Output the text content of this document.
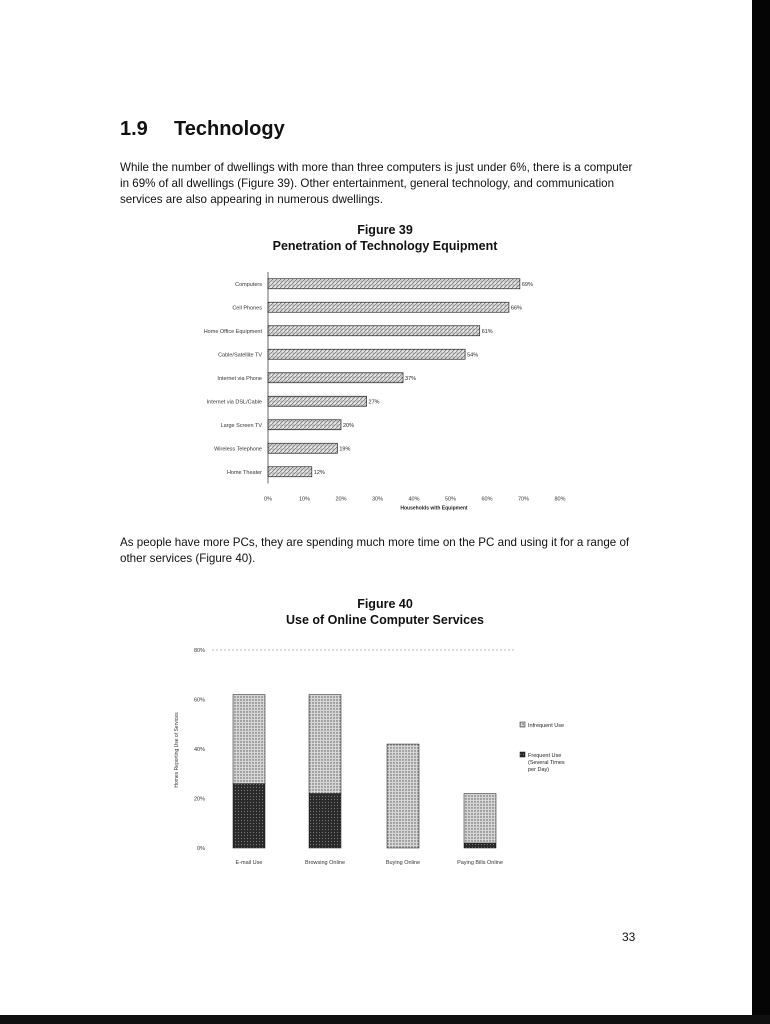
1.9 Technology
While the number of dwellings with more than three computers is just under 6%, there is a computer in 69% of all dwellings (Figure 39). Other entertainment, general technology, and communication services are also appearing in numerous dwellings.
Figure 39
Penetration of Technology Equipment
Computers	69%
Cell Phones	66%
Home Office Equipment	61%
Cable/Satellite TV	54%
Internet via Phone	37%
Internet via DSL/Cable	27%
Large Screen TV	20%
Wireless Telephone	19%
Home Theater	12%
0%	10%	20%	30%	40%	50%	60%	70%	80%
Households with Equipment
As people have more PCs, they are spending much more time on the PC and using it for a range of other services (Figure 40).
Figure 40
Use of Online Computer Services
0%
20%
40%
60%
80%
Homes Reporting Use of Services
E-mail Use	Browsing Online	Buying Online	Paying Bills Online
Infrequent Use
Frequent Use (Several Times per Day)
33
